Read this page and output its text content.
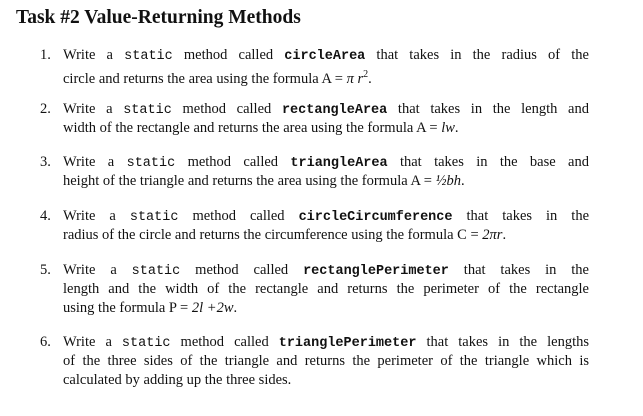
Task #2 Value-Returning Methods
1. Write a static method called circleArea that takes in the radius of the
circle and returns the area using the formula A = π $r^2$.
2. Write a static method called rectangleArea that takes in the length and
width of the rectangle and returns the area using the formula A = lw.
3. Write a static method called triangleArea that takes in the base and
height of the triangle and returns the area using the formula A = ½bh.
4. Write a static method called circleCircumference that takes in the
radius of the circle and returns the circumference using the formula C = 2πr.
5. Write a static method called rectanglePerimeter that takes in the
length and the width of the rectangle and returns the perimeter of the rectangle
using the formula P = 2l +2w.
6. Write a static method called trianglePerimeter that takes in the lengths
of the three sides of the triangle and returns the perimeter of the triangle which is
calculated by adding up the three sides.
